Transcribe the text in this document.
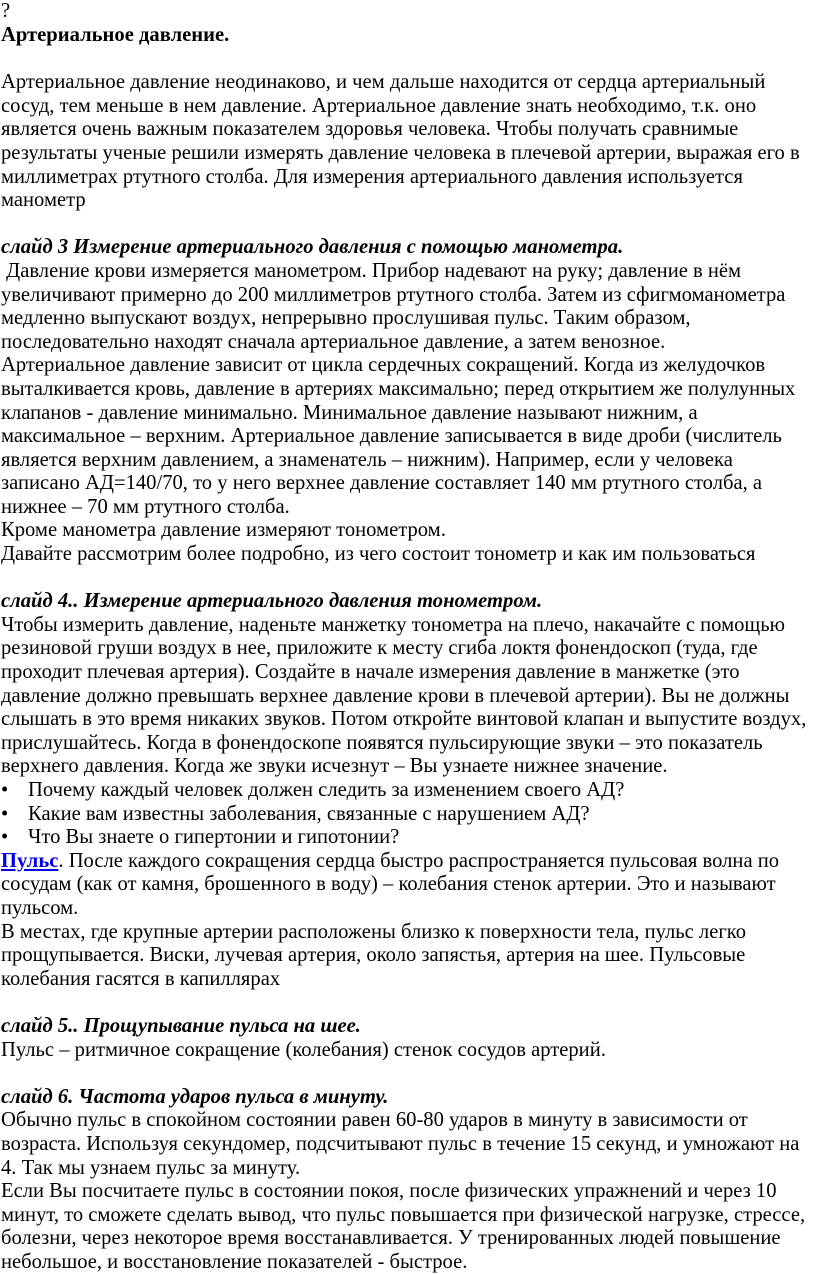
?

Артериальное давление.

Артериальное давление неодинаково, и чем дальше находится от сердца артериальный сосуд, тем меньше в нем давление. Артериальное давление знать необходимо, т.к. оно является очень важным показателем здоровья человека. Чтобы получать сравнимые результаты ученые решили измерять давление человека в плечевой артерии, выражая его в миллиметрах ртутного столба. Для измерения артериального давления используется манометр

слайд 3 Измерение артериального давления с помощью манометра.

Давление крови измеряется манометром. Прибор надевают на руку; давление в нём увеличивают примерно до 200 миллиметров ртутного столба. Затем из сфигмоманометра медленно выпускают воздух, непрерывно прослушивая пульс. Таким образом, последовательно находят сначала артериальное давление, а затем венозное.

Артериальное давление зависит от цикла сердечных сокращений. Когда из желудочков выталкивается кровь, давление в артериях максимально; перед открытием же полулунных клапанов - давление минимально. Минимальное давление называют нижним, а максимальное – верхним. Артериальное давление записывается в виде дроби (числитель является верхним давлением, а знаменатель – нижним). Например, если у человека записано АД=140/70, то у него верхнее давление составляет 140 мм ртутного столба, а нижнее – 70 мм ртутного столба.

Кроме манометра давление измеряют тонометром.

Давайте рассмотрим более подробно, из чего состоит тонометр и как им пользоваться

слайд 4.. Измерение артериального давления тонометром.

Чтобы измерить давление, наденьте манжетку тонометра на плечо, накачайте с помощью резиновой груши воздух в нее, приложите к месту сгиба локтя фонендоскоп (туда, где проходит плечевая артерия). Создайте в начале измерения давление в манжетке (это давление должно превышать верхнее давление крови в плечевой артерии). Вы не должны слышать в это время никаких звуков. Потом откройте винтовой клапан и выпустите воздух, прислушайтесь. Когда в фонендоскопе появятся пульсирующие звуки – это показатель верхнего давления. Когда же звуки исчезнут – Вы узнаете нижнее значение.

• Почему каждый человек должен следить за изменением своего АД?
• Какие вам известны заболевания, связанные с нарушением АД?
• Что Вы знаете о гипертонии и гипотонии?

Пульс. После каждого сокращения сердца быстро распространяется пульсовая волна по сосудам (как от камня, брошенного в воду) – колебания стенок артерии. Это и называют пульсом.

В местах, где крупные артерии расположены близко к поверхности тела, пульс легко прощупывается. Виски, лучевая артерия, около запястья, артерия на шее. Пульсовые колебания гасятся в капиллярах

слайд 5.. Прощупывание пульса на шее.

Пульс – ритмичное сокращение (колебания) стенок сосудов артерий.

слайд 6. Частота ударов пульса в минуту.

Обычно пульс в спокойном состоянии равен 60-80 ударов в минуту в зависимости от возраста. Используя секундомер, подсчитывают пульс в течение 15 секунд, и умножают на 4. Так мы узнаем пульс за минуту.

Если Вы посчитаете пульс в состоянии покоя, после физических упражнений и через 10 минут, то сможете сделать вывод, что пульс повышается при физической нагрузке, стрессе, болезни, через некоторое время восстанавливается. У тренированных людей повышение небольшое, и восстановление показателей - быстрое.
